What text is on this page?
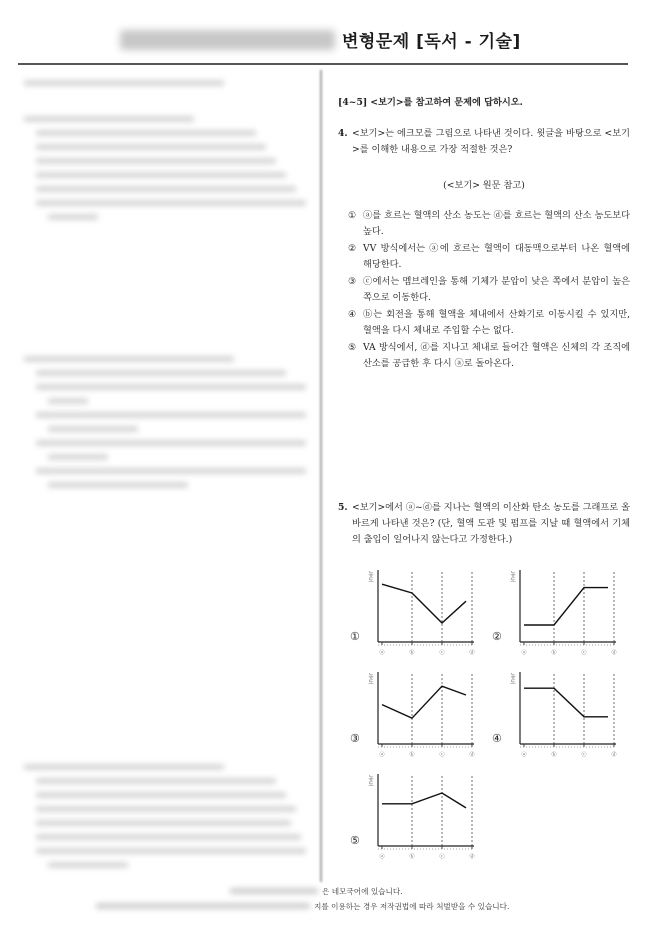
변형문제 [독서 - 기술]
[4~5] <보기>를 참고하여 문제에 답하시오.
4. <보기>는 에크모를 그림으로 나타낸 것이다. 윗글을 바탕으로 <보기>를 이해한 내용으로 가장 적절한 것은?
(<보기> 원문 참고)
① ⓐ를 흐르는 혈액의 산소 농도는 ⓓ를 흐르는 혈액의 산소 농도보다 높다.
② VV 방식에서는 ⓐ에 흐르는 혈액이 대동맥으로부터 나온 혈액에 해당한다.
③ ⓒ에서는 멤브레인을 통해 기체가 분압이 낮은 쪽에서 분압이 높은 쪽으로 이동한다.
④ ⓑ는 회전을 통해 혈액을 체내에서 산화기로 이동시킬 수 있지만, 혈액을 다시 체내로 주입할 수는 없다.
⑤ VA 방식에서, ⓓ를 지나고 체내로 들어간 혈액은 신체의 각 조직에 산소를 공급한 후 다시 ⓐ로 돌아온다.
5. <보기>에서 ⓐ~ⓓ를 지나는 혈액의 이산화 탄소 농도를 그래프로 올바르게 나타낸 것은? (단, 혈액 도관 및 펌프를 지날 때 혈액에서 기체의 출입이 일어나지 않는다고 가정한다.)
농도
ⓐ	ⓑ	ⓒ	ⓓ
①
농도
ⓐ	ⓑ	ⓒ	ⓓ
②
농도
ⓐ	ⓑ	ⓒ	ⓓ
③
농도
ⓐ	ⓑ	ⓒ	ⓓ
④
농도
ⓐ	ⓑ	ⓒ	ⓓ
⑤
은 네모국어에 있습니다.
지를 이용하는 경우 저작권법에 따라 처벌받을 수 있습니다.
